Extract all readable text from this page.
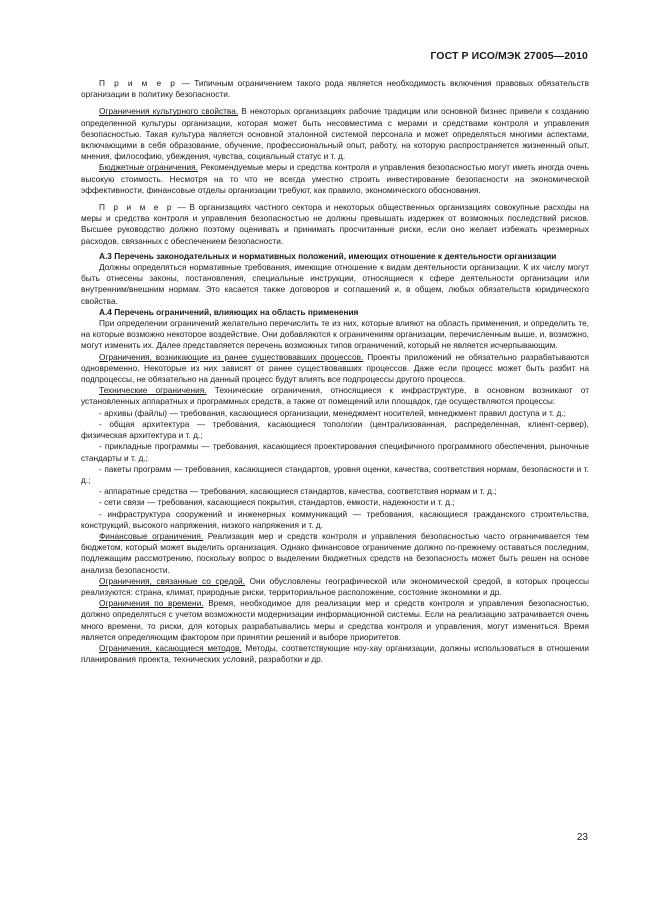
ГОСТ Р ИСО/МЭК 27005—2010

П р и м е р — Типичным ограничением такого рода является необходимость включения правовых обязательств организации в политику безопасности.

Ограничения культурного свойства. В некоторых организациях рабочие традиции или основной бизнес привели к созданию определенной культуры организации, которая может быть несовместима с мерами и средствами контроля и управления безопасностью. Такая культура является основной эталонной системой персонала и может определяться многими аспектами, включающими в себя образование, обучение, профессиональный опыт, работу, на которую распространяется жизненный опыт, мнения, философию, убеждения, чувства, социальный статус и т. д.

Бюджетные ограничения. Рекомендуемые меры и средства контроля и управления безопасностью могут иметь иногда очень высокую стоимость. Несмотря на то что не всегда уместно строить инвестирование безопасности на экономической эффективности, финансовые отделы организации требуют, как правило, экономического обоснования.

П р и м е р — В организациях частного сектора и некоторых общественных организациях совокупные расходы на меры и средства контроля и управления безопасностью не должны превышать издержек от возможных последствий рисков. Высшее руководство должно поэтому оценивать и принимать просчитанные риски, если оно желает избежать чрезмерных расходов, связанных с обеспечением безопасности.

А.3 Перечень законодательных и нормативных положений, имеющих отношение к деятельности организации

Должны определяться нормативные требования, имеющие отношение к видам деятельности организации. К их числу могут быть отнесены законы, постановления, специальные инструкции, относящиеся к сфере деятельности организации или внутренним/внешним нормам. Это касается также договоров и соглашений и, в общем, любых обязательств юридического свойства.

А.4 Перечень ограничений, влияющих на область применения

При определении ограничений желательно перечислить те из них, которые влияют на область применения, и определить те, на которые возможно некоторое воздействие. Они добавляются к ограничениям организации, перечисленным выше, и, возможно, могут изменить их. Далее представляется перечень возможных типов ограничений, который не является исчерпывающим.

Ограничения, возникающие из ранее существовавших процессов. Проекты приложений не обязательно разрабатываются одновременно. Некоторые из них зависят от ранее существовавших процессов. Даже если процесс может быть разбит на подпроцессы, не обязательно на данный процесс будут влиять все подпроцессы другого процесса.

Технические ограничения. Технические ограничения, относящиеся к инфраструктуре, в основном возникают от установленных аппаратных и программных средств, а также от помещений или площадок, где осуществляются процессы:

- архивы (файлы) — требования, касающиеся организации, менеджмент носителей, менеджмент правил доступа и т. д.;

- общая архитектура — требования, касающиеся топологии (централизованная, распределенная, клиент-сервер), физическая архитектура и т. д.;

- прикладные программы — требования, касающиеся проектирования специфичного программного обеспечения, рыночные стандарты и т. д.;

- пакеты программ — требования, касающиеся стандартов, уровня оценки, качества, соответствия нормам, безопасности и т. д.;

- аппаратные средства — требования, касающиеся стандартов, качества, соответствия нормам и т. д.;

- сети связи — требования, касающиеся покрытия, стандартов, емкости, надежности и т. д.;

- инфраструктура сооружений и инженерных коммуникаций — требования, касающиеся гражданского строительства, конструкций, высокого напряжения, низкого напряжения и т. д.

Финансовые ограничения. Реализация мер и средств контроля и управления безопасностью часто ограничивается тем бюджетом, который может выделить организация. Однако финансовое ограничение должно по-прежнему оставаться последним, подлежащим рассмотрению, поскольку вопрос о выделении бюджетных средств на безопасность может быть решен на основе анализа безопасности.

Ограничения, связанные со средой. Они обусловлены географической или экономической средой, в которых процессы реализуются: страна, климат, природные риски, территориальное расположение, состояние экономики и др.

Ограничения по времени. Время, необходимое для реализации мер и средств контроля и управления безопасностью, должно определяться с учетом возможности модернизации информационной системы. Если на реализацию затрачивается очень много времени, то риски, для которых разрабатывались меры и средства контроля и управления, могут измениться. Время является определяющим фактором при принятии решений и выборе приоритетов.

Ограничения, касающиеся методов. Методы, соответствующие ноу-хау организации, должны использоваться в отношении планирования проекта, технических условий, разработки и др.

23
